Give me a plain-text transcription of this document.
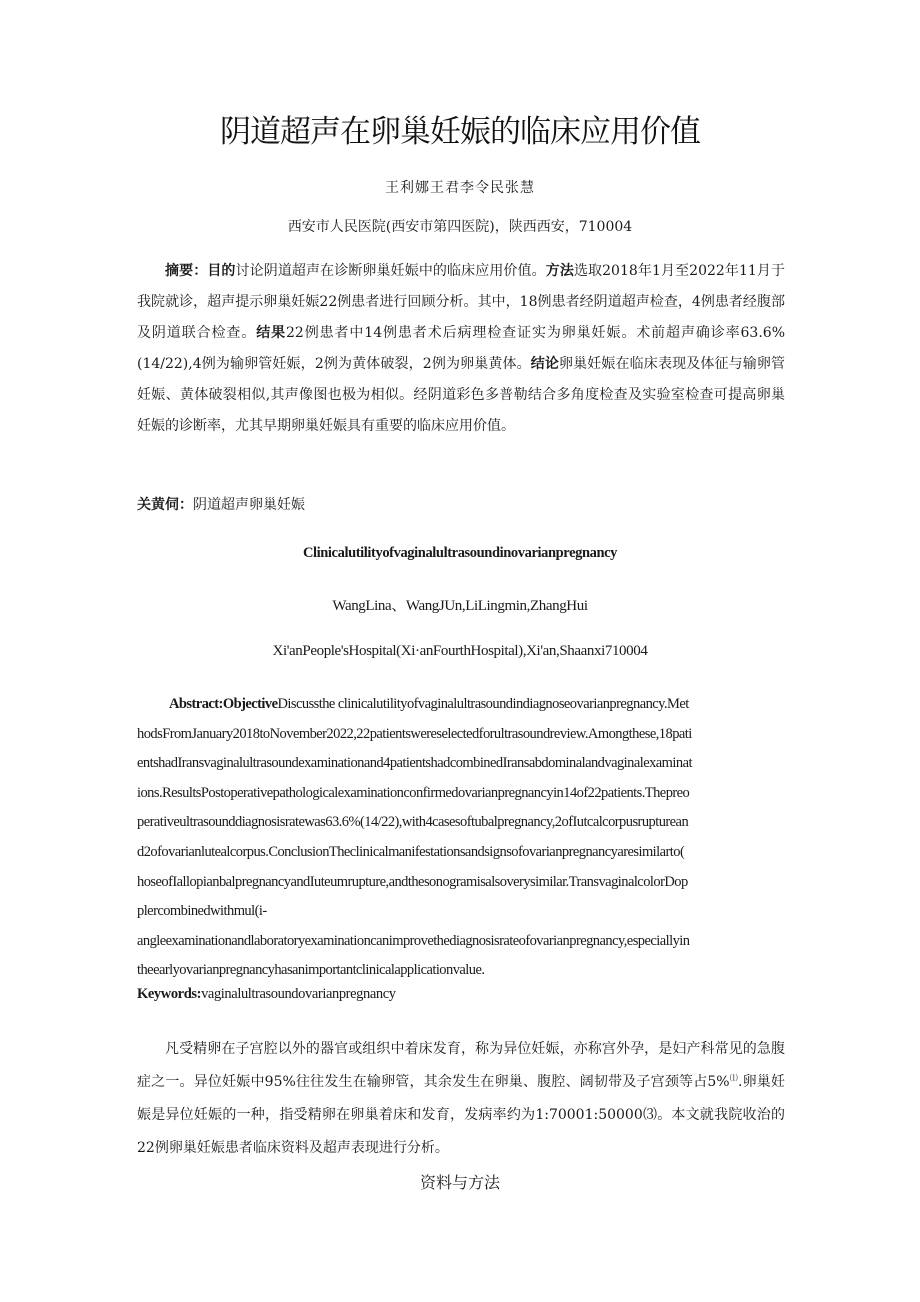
阴道超声在卵巢妊娠的临床应用价值
王利娜王君李令民张慧
西安市人民医院(西安市第四医院)，陕西西安，710004
摘要：目的讨论阴道超声在诊断卵巢妊娠中的临床应用价值。方法选取2018年1月至2022年11月于我院就诊，超声提示卵巢妊娠22例患者进行回顾分析。其中，18例患者经阴道超声检查，4例患者经腹部及阴道联合检查。结果22例患者中14例患者术后病理检查证实为卵巢妊娠。术前超声确诊率63.6%(14/22),4例为输卵管妊娠，2例为黄体破裂，2例为卵巢黄体。结论卵巢妊娠在临床表现及体征与输卵管妊娠、黄体破裂相似,其声像图也极为相似。经阴道彩色多普勒结合多角度检查及实验室检查可提高卵巢妊娠的诊断率，尤其早期卵巢妊娠具有重要的临床应用价值。
关黄伺：阴道超声卵巢妊娠
Clinicalutilityofvaginalultrasoundinovarianpregnancy
WangLina、WangJUn,LiLingmin,ZhangHui
Xi'anPeople'sHospital(Xi·anFourthHospital),Xi'an,Shaanxi710004
Abstract:ObjectiveDiscussthe clinicalutilityofvaginalultrasoundindiagnoseovarianpregnancy.Met
hodsFromJanuary2018toNovember2022,22patientswereselectedforultrasoundreview.Amongthese,18pati
entshadIransvaginalultrasoundexaminationand4patientshadcombinedIransabdominalandvaginalexaminat
ions.ResultsPostoperativepathologicalexaminationconfirmedovarianpregnancyin14of22patients.Thepreo
perativeultrasounddiagnosisratewas63.6%(14/22),with4casesoftubalpregnancy,2ofIutcalcorpusrupturean
d2ofovarianlutealcorpus.ConclusionTheclinicalmanifestationsandsignsofovarianpregnancyaresimilarto(
hoseofIallopianbalpregnancyandIuteumrupture,andthesonogramisalsoverysimilar.TransvaginalcolorDop
plercombinedwithmul(i-
angleexaminationandlaboratoryexaminationcanimprovethediagnosisrateofovarianpregnancy,especiallyin
theearlyovarianpregnancyhasanimportantclinicalapplicationvalue.
Keywords:vaginalultrasoundovarianpregnancy
凡受精卵在子宫腔以外的器官或组织中着床发育，称为异位妊娠，亦称宫外孕，是妇产科常见的急腹症之一。异位妊娠中95%往往发生在输卵管，其余发生在卵巢、腹腔、阔韧带及子宫颈等占5%⑴.卵巢妊娠是异位妊娠的一种，指受精卵在卵巢着床和发育，发病率约为1:70001:50000⑶。本文就我院收治的22例卵巢妊娠患者临床资料及超声表现进行分析。
资料与方法
